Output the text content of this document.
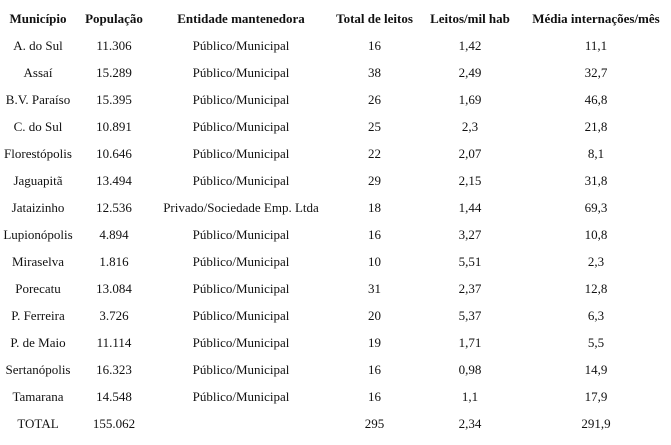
Município	População	Entidade mantenedora	Total de leitos	Leitos/mil hab	Média internações/mês
A. do Sul	11.306	Público/Municipal	16	1,42	11,1
Assaí	15.289	Público/Municipal	38	2,49	32,7
B.V. Paraíso	15.395	Público/Municipal	26	1,69	46,8
C. do Sul	10.891	Público/Municipal	25	2,3	21,8
Florestópolis	10.646	Público/Municipal	22	2,07	8,1
Jaguapitã	13.494	Público/Municipal	29	2,15	31,8
Jataizinho	12.536	Privado/Sociedade Emp. Ltda	18	1,44	69,3
Lupionópolis	4.894	Público/Municipal	16	3,27	10,8
Miraselva	1.816	Público/Municipal	10	5,51	2,3
Porecatu	13.084	Público/Municipal	31	2,37	12,8
P. Ferreira	3.726	Público/Municipal	20	5,37	6,3
P. de Maio	11.114	Público/Municipal	19	1,71	5,5
Sertanópolis	16.323	Público/Municipal	16	0,98	14,9
Tamarana	14.548	Público/Municipal	16	1,1	17,9
TOTAL	155.062		295	2,34	291,9
